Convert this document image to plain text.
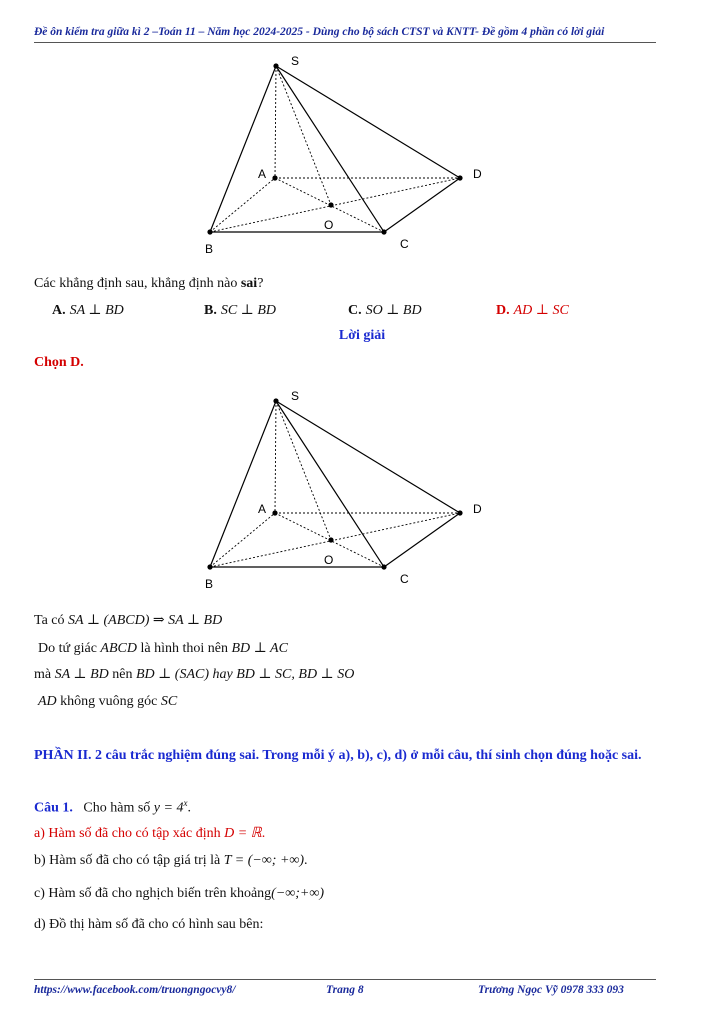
Đề ôn kiểm tra giữa kì 2 –Toán 11 – Năm học 2024-2025 - Dùng cho bộ sách CTST và KNTT- Đề gồm 4 phần có lời giải
S
A
B	C
D
O
Các khẳng định sau, khẳng định nào sai?
A. SA ⊥ BD	B. SC ⊥ BD	C. SO ⊥ BD	D. AD ⊥ SC
Lời giải
Chọn D.
S
A
B	C
D
O
Ta có SA ⊥ (ABCD) ⇒ SA ⊥ BD
Do tứ giác ABCD là hình thoi nên BD ⊥ AC
mà SA ⊥ BD nên BD ⊥ (SAC) hay BD ⊥ SC, BD ⊥ SO
AD không vuông góc SC
PHẦN II. 2 câu trắc nghiệm đúng sai. Trong mỗi ý a), b), c), d) ở mỗi câu, thí sinh chọn đúng hoặc sai.
Câu 1. Cho hàm số $y = 4^x$.
a) Hàm số đã cho có tập xác định D = ℝ.
b) Hàm số đã cho có tập giá trị là T = (−∞; +∞).
c) Hàm số đã cho nghịch biến trên khoảng(−∞;+∞)
d) Đồ thị hàm số đã cho có hình sau bên:
https://www.facebook.com/truongngocvy8/	Trang 8	Trương Ngọc Vỹ 0978 333 093
